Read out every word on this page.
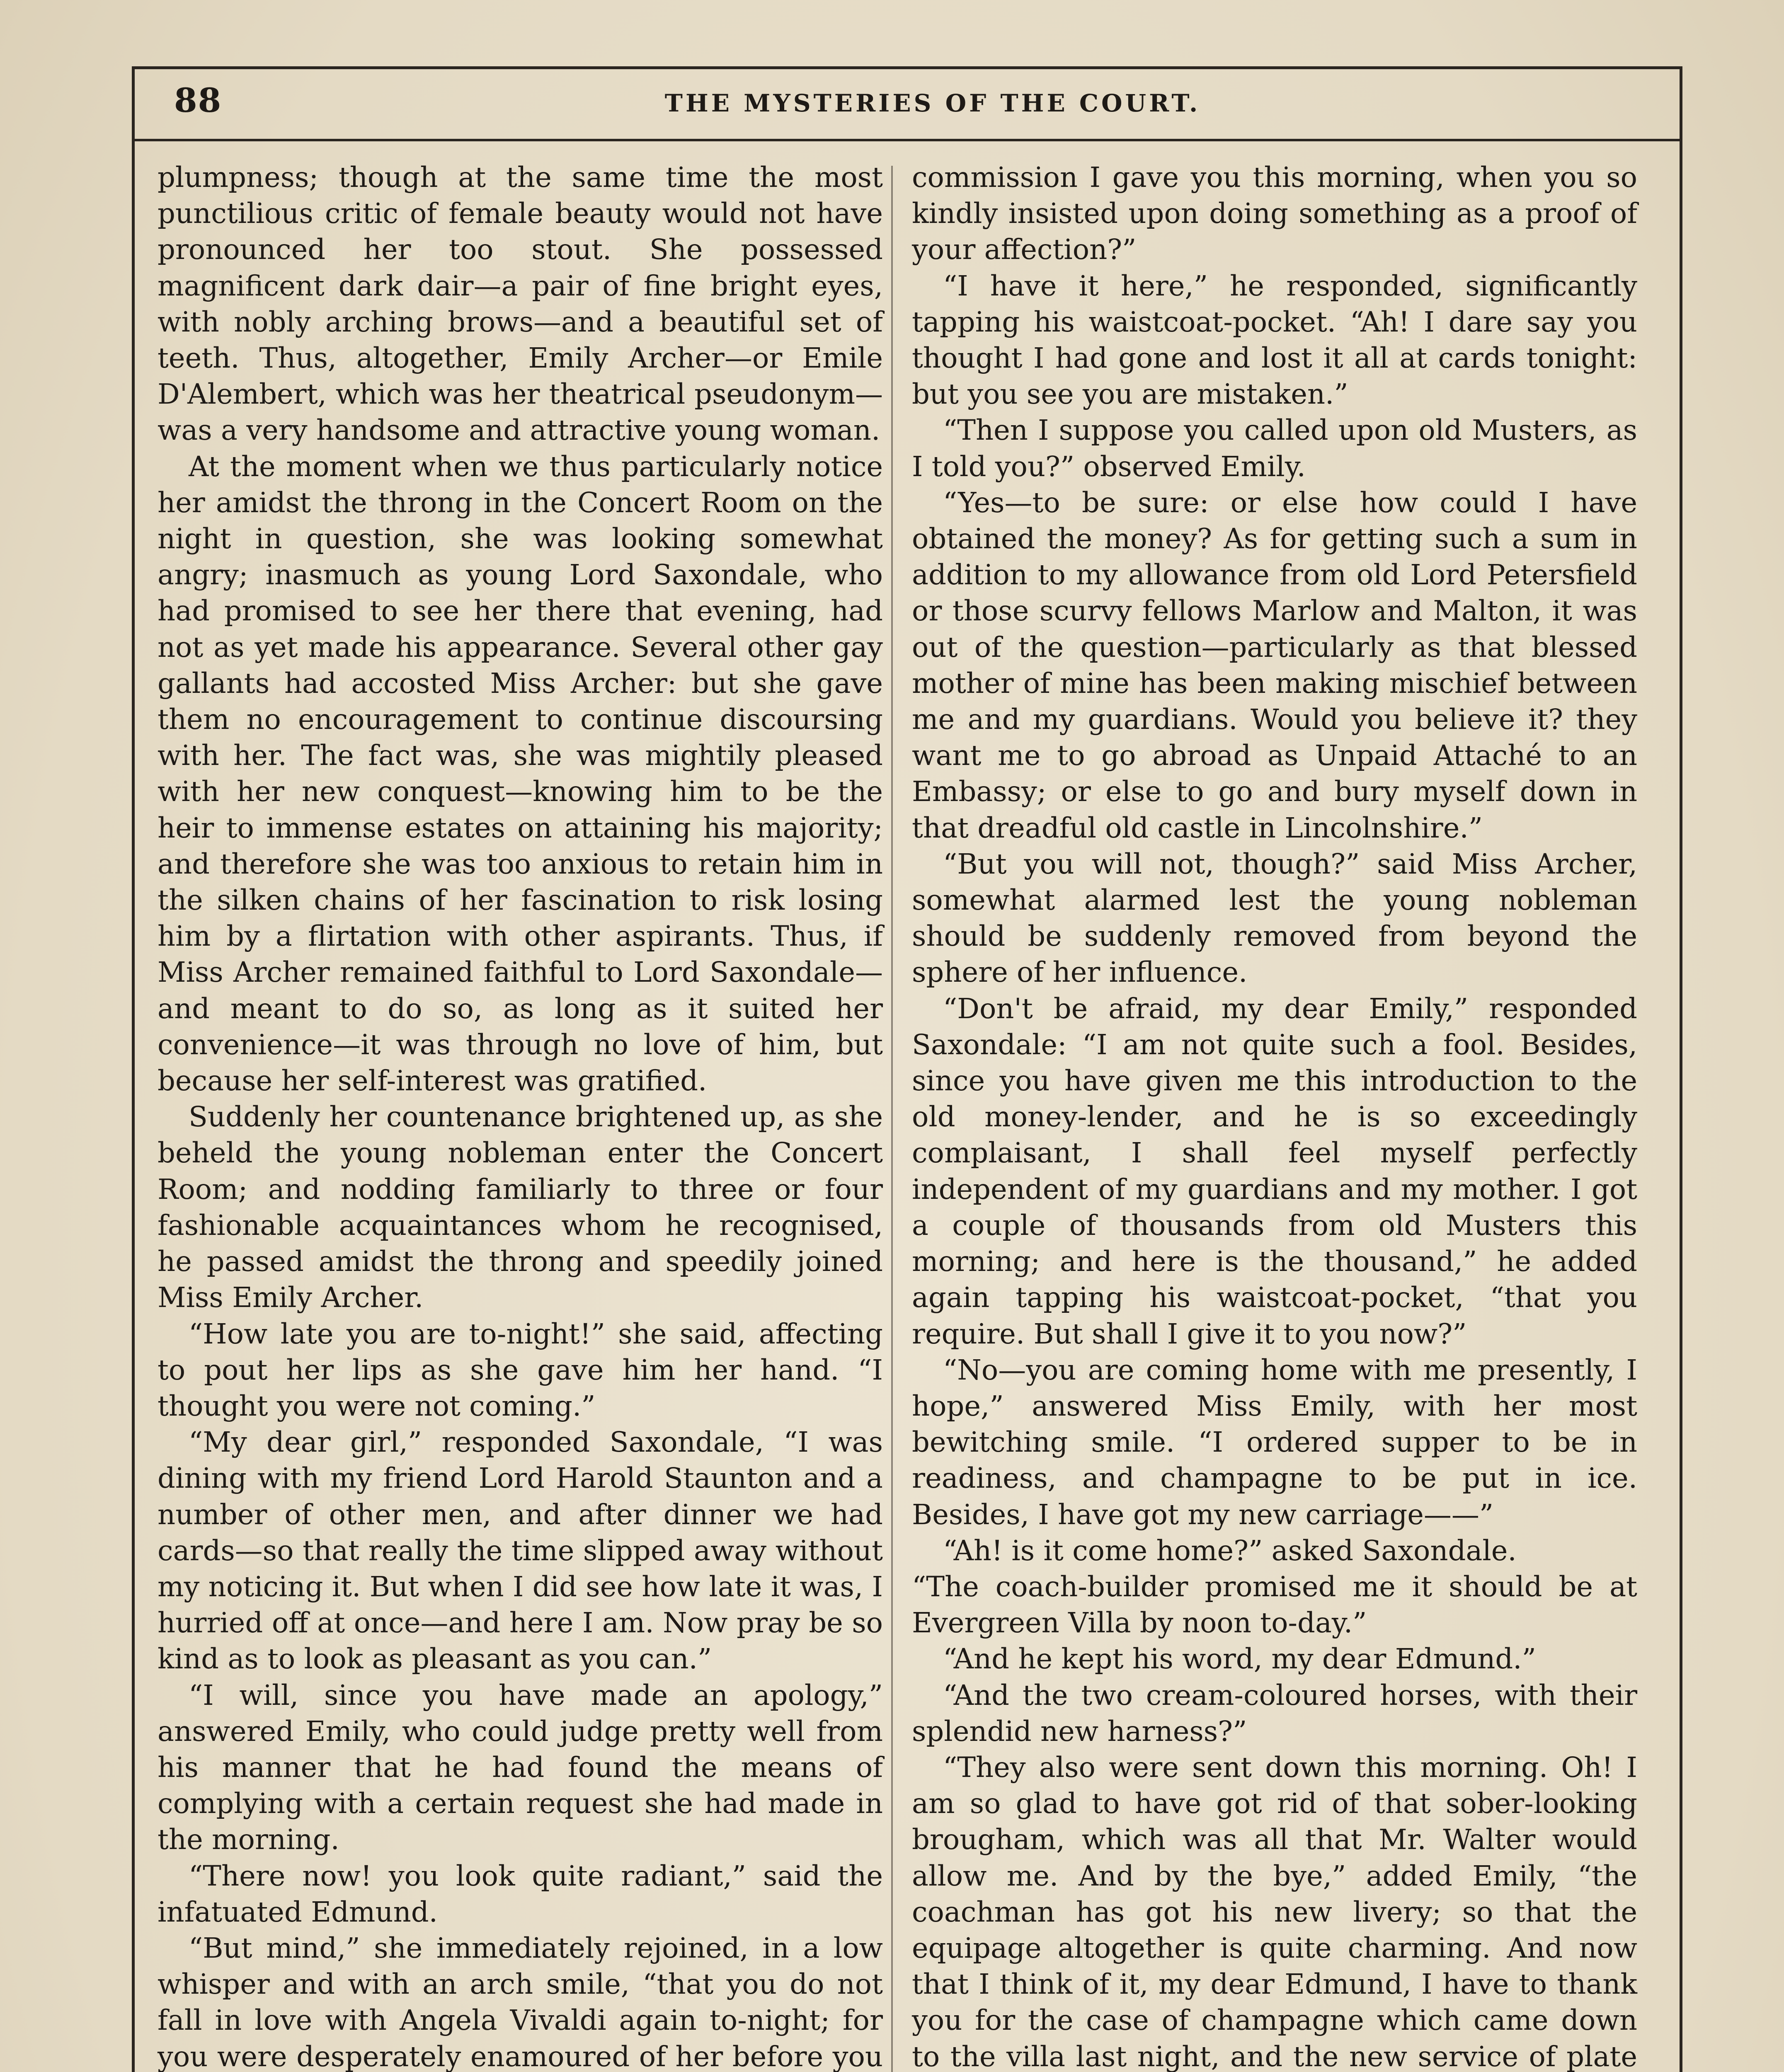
88	THE MYSTERIES OF THE COURT.

plumpness; though at the same time the most punctilious critic of female beauty would not have pronounced her too stout. She possessed magnificent dark dair—a pair of fine bright eyes, with nobly arching brows—and a beautiful set of teeth. Thus, altogether, Emily Archer—or Emile D'Alembert, which was her theatrical pseudonym—was a very handsome and attractive young woman.

At the moment when we thus particularly notice her amidst the throng in the Concert Room on the night in question, she was looking somewhat angry; inasmuch as young Lord Saxondale, who had promised to see her there that evening, had not as yet made his appearance. Several other gay gallants had accosted Miss Archer: but she gave them no encouragement to continue discoursing with her. The fact was, she was mightily pleased with her new conquest—knowing him to be the heir to immense estates on attaining his majority; and therefore she was too anxious to retain him in the silken chains of her fascination to risk losing him by a flirtation with other aspirants. Thus, if Miss Archer remained faithful to Lord Saxondale—and meant to do so, as long as it suited her convenience—it was through no love of him, but because her self-interest was gratified.

Suddenly her countenance brightened up, as she beheld the young nobleman enter the Concert Room; and nodding familiarly to three or four fashionable acquaintances whom he recognised, he passed amidst the throng and speedily joined Miss Emily Archer.

“How late you are to-night!” she said, affecting to pout her lips as she gave him her hand. “I thought you were not coming.”

“My dear girl,” responded Saxondale, “I was dining with my friend Lord Harold Staunton and a number of other men, and after dinner we had cards—so that really the time slipped away without my noticing it. But when I did see how late it was, I hurried off at once—and here I am. Now pray be so kind as to look as pleasant as you can.”

“I will, since you have made an apology,” answered Emily, who could judge pretty well from his manner that he had found the means of complying with a certain request she had made in the morning.

“There now! you look quite radiant,” said the infatuated Edmund.

“But mind,” she immediately rejoined, in a low whisper and with an arch smile, “that you do not fall in love with Angela Vivaldi again to-night; for you were desperately enamoured of her before you

commission I gave you this morning, when you so kindly insisted upon doing something as a proof of your affection?”

“I have it here,” he responded, significantly tapping his waistcoat-pocket. “Ah! I dare say you thought I had gone and lost it all at cards tonight: but you see you are mistaken.”

“Then I suppose you called upon old Musters, as I told you?” observed Emily.

“Yes—to be sure: or else how could I have obtained the money? As for getting such a sum in addition to my allowance from old Lord Petersfield or those scurvy fellows Marlow and Malton, it was out of the question—particularly as that blessed mother of mine has been making mischief between me and my guardians. Would you believe it? they want me to go abroad as Unpaid Attaché to an Embassy; or else to go and bury myself down in that dreadful old castle in Lincolnshire.”

“But you will not, though?” said Miss Archer, somewhat alarmed lest the young nobleman should be suddenly removed from beyond the sphere of her influence.

“Don't be afraid, my dear Emily,” responded Saxondale: “I am not quite such a fool. Besides, since you have given me this introduction to the old money-lender, and he is so exceedingly complaisant, I shall feel myself perfectly independent of my guardians and my mother. I got a couple of thousands from old Musters this morning; and here is the thousand,” he added again tapping his waistcoat-pocket, “that you require. But shall I give it to you now?”

“No—you are coming home with me presently, I hope,” answered Miss Emily, with her most bewitching smile. “I ordered supper to be in readiness, and champagne to be put in ice. Besides, I have got my new carriage——”

“Ah! is it come home?” asked Saxondale.

“The coach-builder promised me it should be at Evergreen Villa by noon to-day.”

“And he kept his word, my dear Edmund.”

“And the two cream-coloured horses, with their splendid new harness?”

“They also were sent down this morning. Oh! I am so glad to have got rid of that sober-looking brougham, which was all that Mr. Walter would allow me. And by the bye,” added Emily, “the coachman has got his new livery; so that the equipage altogether is quite charming. And now that I think of it, my dear Edmund, I have to thank you for the case of champagne which came down to the villa last night, and the new service of plate
